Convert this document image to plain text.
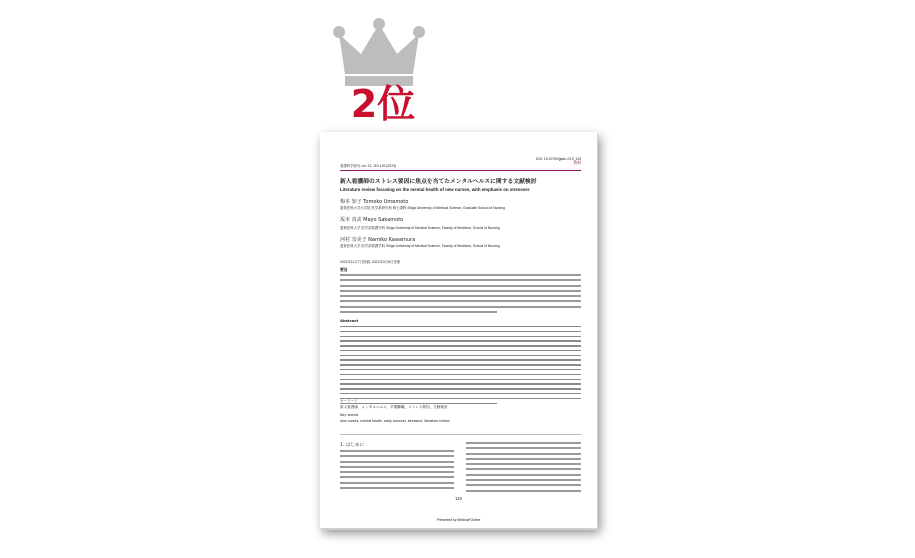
2位
DOI: 10.20700/jjadn.23.0_119
資料
看護科学研究 vol. 21, 119-126 (2023)
新人看護師のストレス要因に焦点を当てたメンタルヘルスに関する文献検討
Literature review focusing on the mental health of new nurses, with emphasis on stressors
梅本 知子 Tomoko Umemoto
滋賀医科大学大学院 医学系研究科 修士課程 Shiga University of Medical Science, Graduate School of Nursing
坂本 真美 Mayo Sakamoto
滋賀医科大学 医学部看護学科 Shiga University of Medical Science, Faculty of Medicine, School of Nursing
河村 奈美子 Namiko Kawamura
滋賀医科大学 医学部看護学科 Shiga University of Medical Science, Faculty of Medicine, School of Nursing
2022年11月7日投稿, 2023年3月6日受理
要旨
Abstract
キーワード
新人看護師，メンタルヘルス，早期離職，ストレス要因，文献検討
Key words
new nurses, mental health, early turnover, stressors, literature review
1. はじめに
119
Presented by Medical*Online
